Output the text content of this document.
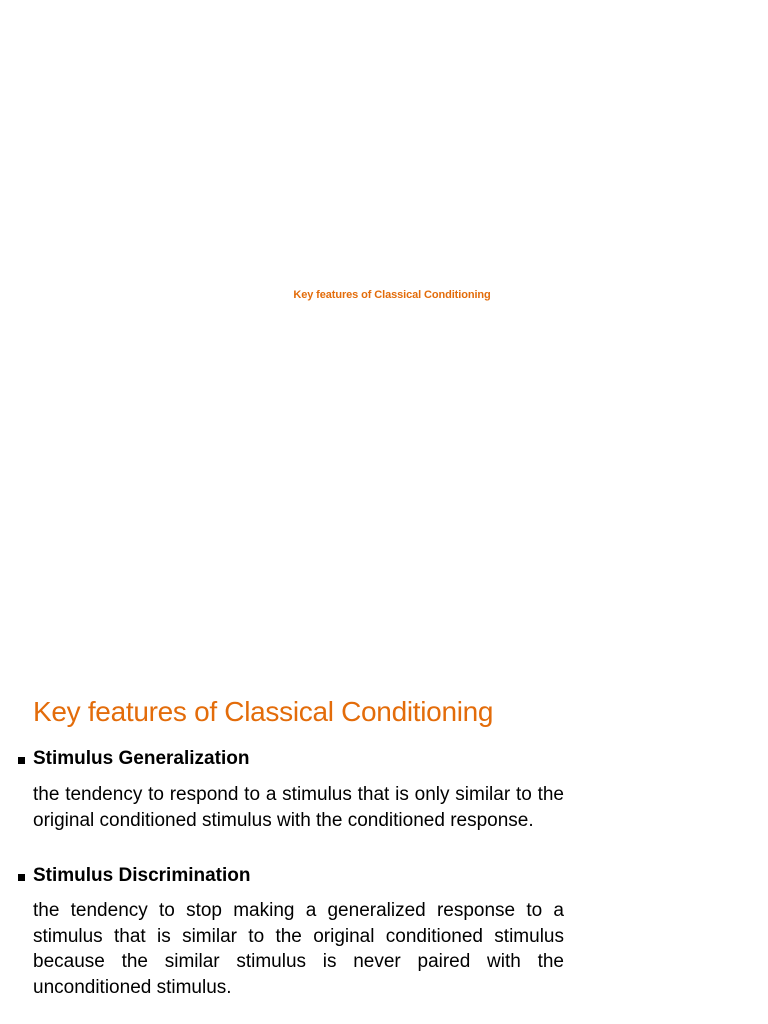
Key features of Classical Conditioning
Key features of Classical Conditioning
Stimulus Generalization
the tendency to respond to a stimulus that is only similar to the original conditioned stimulus with the conditioned response.
Stimulus Discrimination
the tendency to stop making a generalized response to a stimulus that is similar to the original conditioned stimulus because the similar stimulus is never paired with the unconditioned stimulus.
